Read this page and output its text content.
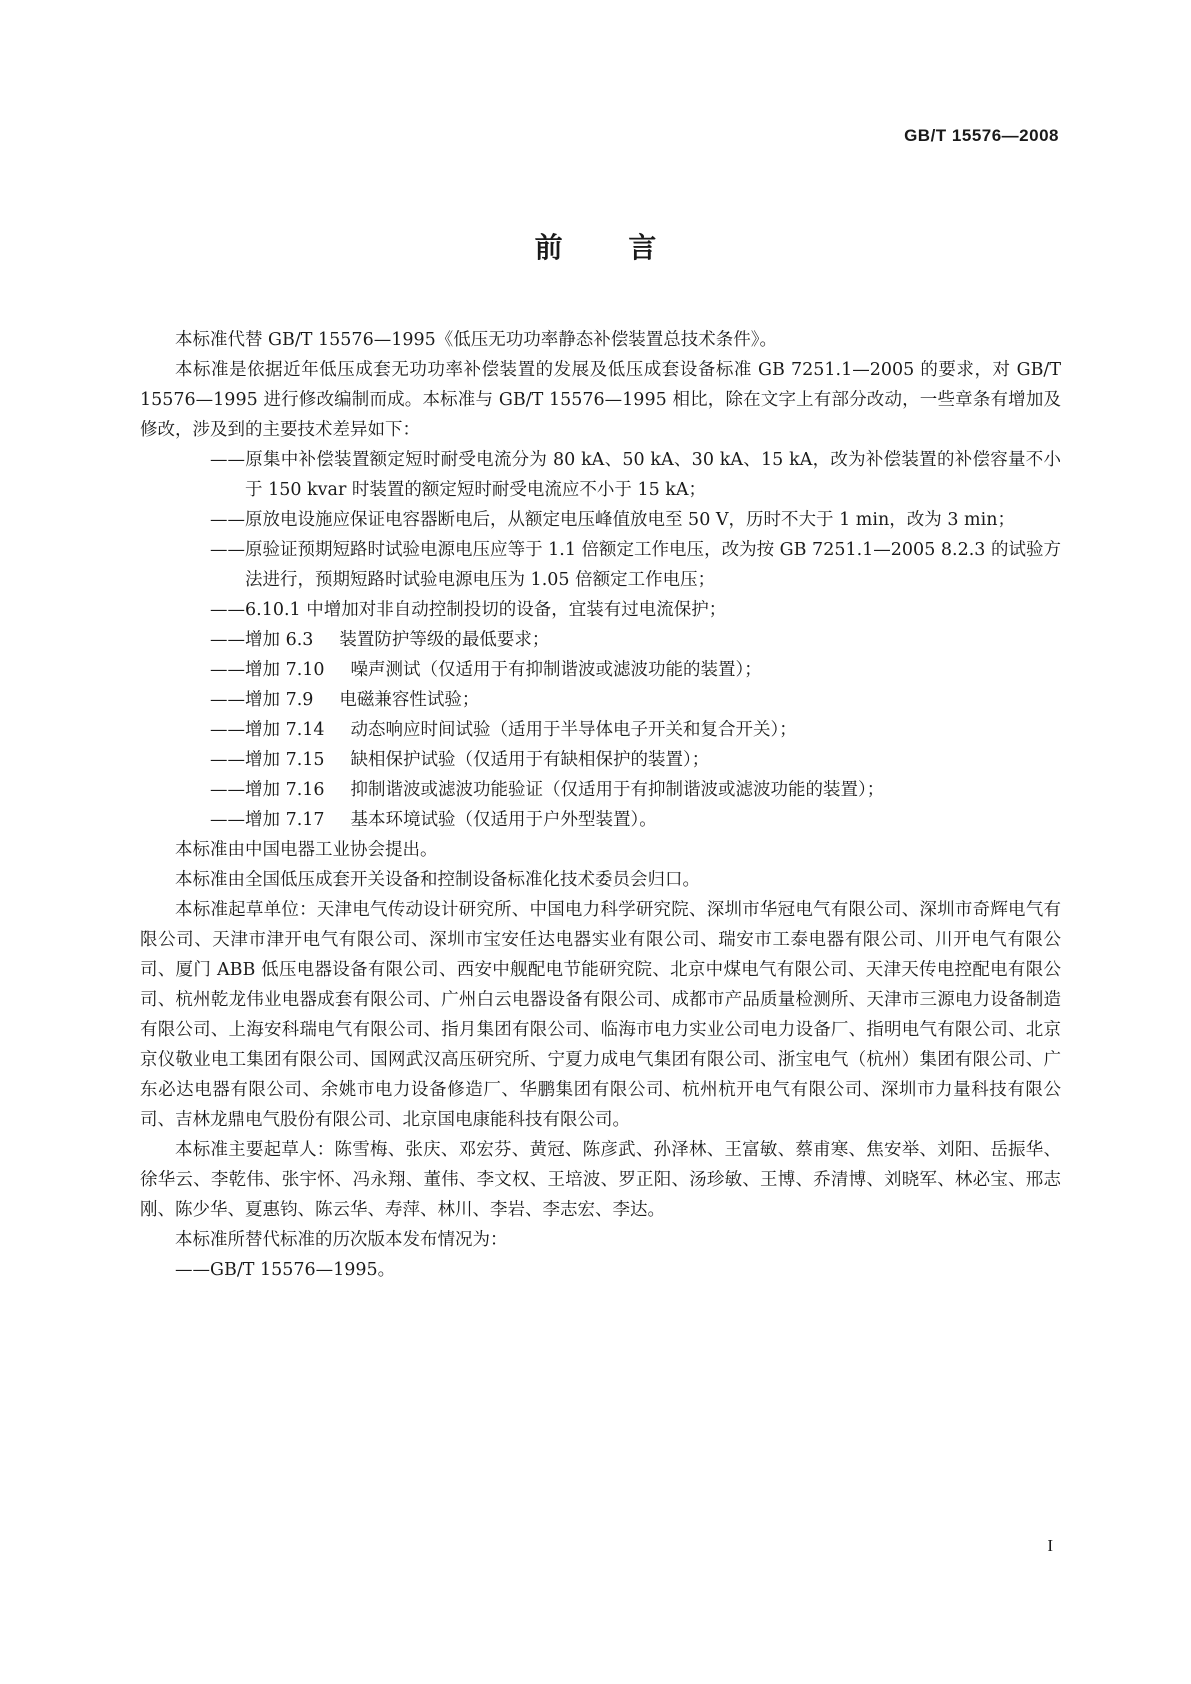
GB/T 15576—2008
前 言

本标准代替 GB/T 15576—1995《低压无功功率静态补偿装置总技术条件》。

本标准是依据近年低压成套无功功率补偿装置的发展及低压成套设备标准 GB 7251.1—2005 的要求，对 GB/T 15576—1995 进行修改编制而成。本标准与 GB/T 15576—1995 相比，除在文字上有部分改动，一些章条有增加及修改，涉及到的主要技术差异如下：

——原集中补偿装置额定短时耐受电流分为 80 kA、50 kA、30 kA、15 kA，改为补偿装置的补偿容量不小于 150 kvar 时装置的额定短时耐受电流应不小于 15 kA；

——原放电设施应保证电容器断电后，从额定电压峰值放电至 50 V，历时不大于 1 min，改为 3 min；

——原验证预期短路时试验电源电压应等于 1.1 倍额定工作电压，改为按 GB 7251.1—2005 8.2.3 的试验方法进行，预期短路时试验电源电压为 1.05 倍额定工作电压；

——6.10.1 中增加对非自动控制投切的设备，宜装有过电流保护；

——增加 6.3 装置防护等级的最低要求；

——增加 7.10 噪声测试（仅适用于有抑制谐波或滤波功能的装置）；

——增加 7.9 电磁兼容性试验；

——增加 7.14 动态响应时间试验（适用于半导体电子开关和复合开关）；

——增加 7.15 缺相保护试验（仅适用于有缺相保护的装置）；

——增加 7.16 抑制谐波或滤波功能验证（仅适用于有抑制谐波或滤波功能的装置）；

——增加 7.17 基本环境试验（仅适用于户外型装置）。

本标准由中国电器工业协会提出。

本标准由全国低压成套开关设备和控制设备标准化技术委员会归口。

本标准起草单位：天津电气传动设计研究所、中国电力科学研究院、深圳市华冠电气有限公司、深圳市奇辉电气有限公司、天津市津开电气有限公司、深圳市宝安任达电器实业有限公司、瑞安市工泰电器有限公司、川开电气有限公司、厦门 ABB 低压电器设备有限公司、西安中舰配电节能研究院、北京中煤电气有限公司、天津天传电控配电有限公司、杭州乾龙伟业电器成套有限公司、广州白云电器设备有限公司、成都市产品质量检测所、天津市三源电力设备制造有限公司、上海安科瑞电气有限公司、指月集团有限公司、临海市电力实业公司电力设备厂、指明电气有限公司、北京京仪敬业电工集团有限公司、国网武汉高压研究所、宁夏力成电气集团有限公司、浙宝电气（杭州）集团有限公司、广东必达电器有限公司、余姚市电力设备修造厂、华鹏集团有限公司、杭州杭开电气有限公司、深圳市力量科技有限公司、吉林龙鼎电气股份有限公司、北京国电康能科技有限公司。

本标准主要起草人：陈雪梅、张庆、邓宏芬、黄冠、陈彦武、孙泽林、王富敏、蔡甫寒、焦安举、刘阳、岳振华、徐华云、李乾伟、张宇怀、冯永翔、董伟、李文权、王培波、罗正阳、汤珍敏、王博、乔清博、刘晓军、林必宝、邢志刚、陈少华、夏惠钧、陈云华、寿萍、林川、李岩、李志宏、李达。

本标准所替代标准的历次版本发布情况为：

——GB/T 15576—1995。

I
